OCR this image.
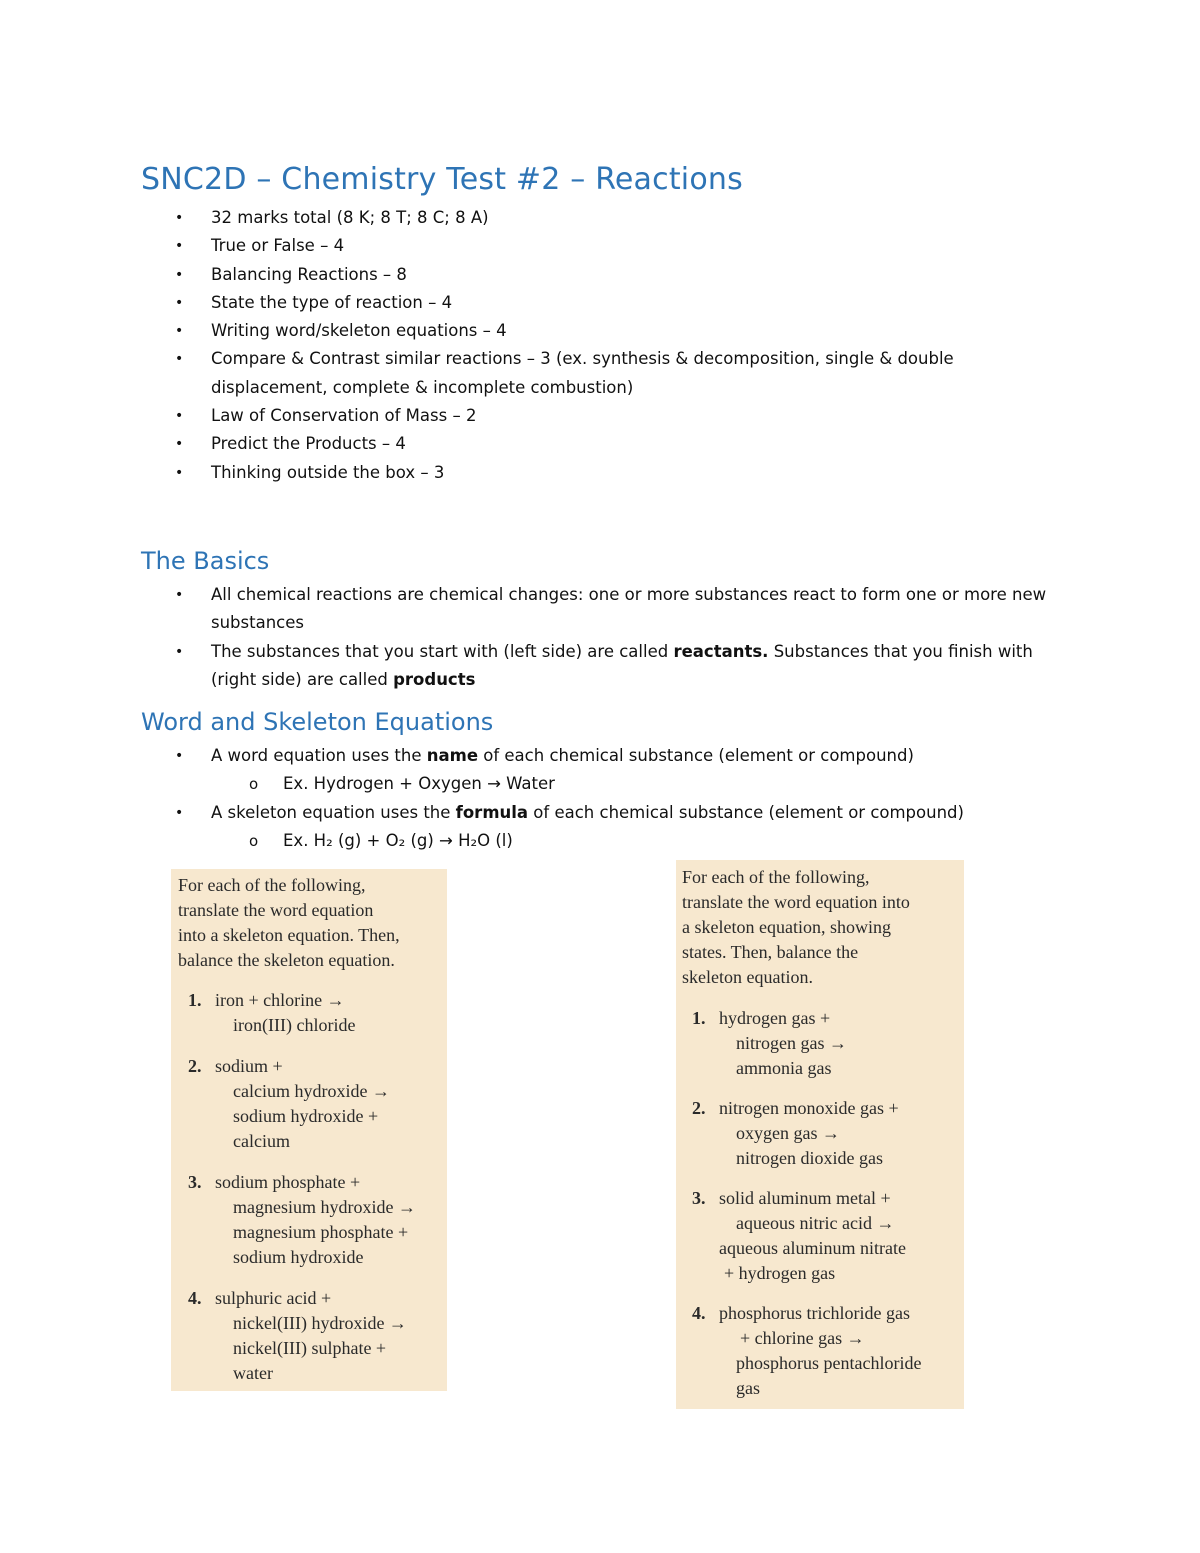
SNC2D – Chemistry Test #2 – Reactions
• 32 marks total (8 K; 8 T; 8 C; 8 A)
• True or False – 4
• Balancing Reactions – 8
• State the type of reaction – 4
• Writing word/skeleton equations – 4
• Compare & Contrast similar reactions – 3 (ex. synthesis & decomposition, single & double displacement, complete & incomplete combustion)
• Law of Conservation of Mass – 2
• Predict the Products – 4
• Thinking outside the box – 3
The Basics
• All chemical reactions are chemical changes: one or more substances react to form one or more new substances
• The substances that you start with (left side) are called reactants. Substances that you finish with (right side) are called products
Word and Skeleton Equations
• A word equation uses the name of each chemical substance (element or compound)
o Ex. Hydrogen + Oxygen → Water
• A skeleton equation uses the formula of each chemical substance (element or compound)
o Ex. H₂ (g) + O₂ (g) → H₂O (l)
For each of the following,
translate the word equation
into a skeleton equation. Then,
balance the skeleton equation.
1. iron + chlorine →
iron(III) chloride
2. sodium +
calcium hydroxide →
sodium hydroxide +
calcium
3. sodium phosphate +
magnesium hydroxide →
magnesium phosphate +
sodium hydroxide
4. sulphuric acid +
nickel(III) hydroxide →
nickel(III) sulphate +
water
For each of the following,
translate the word equation into
a skeleton equation, showing
states. Then, balance the
skeleton equation.
1. hydrogen gas +
nitrogen gas →
ammonia gas
2. nitrogen monoxide gas +
oxygen gas →
nitrogen dioxide gas
3. solid aluminum metal +
aqueous nitric acid →
aqueous aluminum nitrate
+ hydrogen gas
4. phosphorus trichloride gas
+ chlorine gas →
phosphorus pentachloride
gas
